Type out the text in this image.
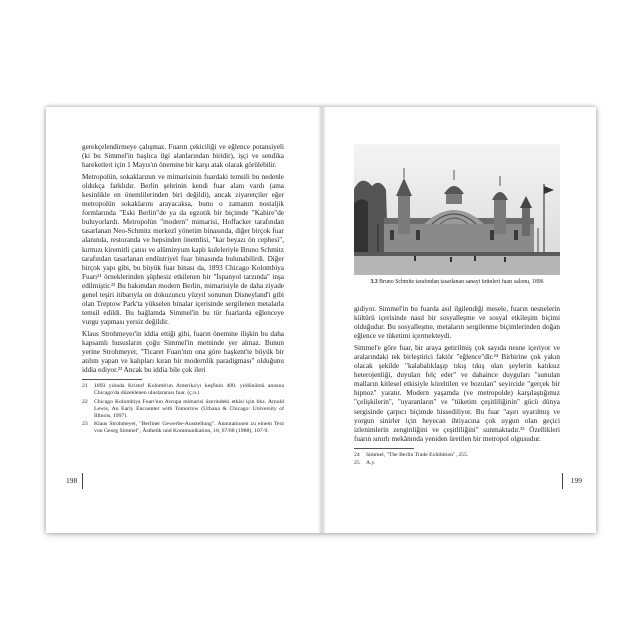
gerekçelendirmeye çalışmaz. Fuarın çekiciliği ve eğlence potansiyeli (ki bu Simmel'in başlıca ilgi alanlarından biridir), işçi ve sendika hareketleri için 1 Mayıs'ın önemine bir karşı atak olarak görülebilir.

Metropolün, sokaklarının ve mimarisinin fuardaki temsili bu nedenle oldukça farklıdır. Berlin şehrinin kendi fuar alanı vardı (ama kesinlikle en önemlilerinden biri değildi), ancak ziyaretçiler eğer metropolün sokaklarını arayacaksa, bunu o zamanın nostaljik formlarında "Eski Berlin"de ya da egzotik bir biçimde "Kahire"de buluyorlardı. Metropolün "modern" mimarisi, Hoffacker tarafından tasarlanan Neo-Schmitz merkezî yönetim binasında, diğer birçok fuar alanında, restoranda ve hepsinden önemlisi, "kar beyazı ön cephesi", kırmızı kiremitli çatısı ve alüminyum kaplı kuleleriyle Bruno Schmitz tarafından tasarlanan endüstriyel fuar binasında bulunabilirdi. Diğer birçok yapı gibi, bu büyük fuar binası da, 1893 Chicago Kolombiya Fuarı²¹ örneklerinden şüphesiz etkilenen bir "İspanyol tarzında" inşa edilmiştir.²² Bu bakımdan modern Berlin, mimarisiyle de daha ziyade genel teşiri itibarıyla on dokuzuncu yüzyıl sonunun Disneyland'i gibi olan Treptow Park'ta yükselen binalar içerisinde sergilenen metalarla temsil edildi. Bu bağlamda Simmel'in bu tür fuarlarda eğlenceye vurgu yapması yersiz değildir.

Klaus Strohmeyer'in iddia ettiği gibi, fuarın önemine ilişkin bu daha kapsamlı hususların çoğu Simmel'in metninde yer almaz. Bunun yerine Strohmeyer, "Ticaret Fuarı'nın ona göre başkent'te büyük bir atılım yapan ve kalıpları kıran bir modernlik paradigması" olduğunu iddia ediyor.²³ Ancak bu iddia bile çok ileri

21	1893 yılında Kristof Kolomb'un Amerika'yı keşfinin 400. yıldönümü anısına Chicago'da düzenlenen uluslararası fuar. (ç.n.)
22	Chicago Kolombiya Fuarı'nın Avrupa mimarisi üzerindeki etkisi için bkz. Arnold Lewis, An Early Encounter with Tomorrow (Urbana & Chicago: University of Illinois, 1997).
23	Klaus Strohmeyer, "Berliner Gewerbe-Ausstellung". Annotationen zu einem Text von Georg Simmel", Ästhetik und Kommunikation, 18, 67/68 (1988), 107-9.
198
3.3 Bruno Schmitz tarafından tasarlanan sanayi ürünleri fuarı salonu, 1896

gidiyor. Simmel'in bu fuarda asıl ilgilendiği mesele, fuarın nesnelerin kültürü içerisinde nasıl bir sosyalleşme ve sosyal etkileşim biçimi olduğudur. Bu sosyalleşme, metaların sergilenme biçimlerinden doğan eğlence ve tüketimi içermekteydi.

Simmel'e göre fuar, bir araya getirilmiş çok sayıda nesne içeriyor ve aralarındaki tek birleştirici faktör "eğlence"dir.²⁴ Birbirine çok yakın olacak şekilde "kalabalıklaşıp tıkış tıkış olan şeylerin katıksız heterojenliği, duyuları felç eder" ve dahaince duyguları "sunulan malların kitlesel etkisiyle köreltilen ve bozulan" seyircide "gerçek bir hipnoz" yaratır. Modern yaşamda (ve metropolde) karşılaştığımız "çelişkilerin", "uyaranların" ve "tüketim çeşitliliğinin" gücü dünya sergisinde çarpıcı biçimde hissediliyor. Bu fuar "aşırı uyarılmış ve yorgun sinirler için heyecan ihtiyacına çok uygun olan geçici izlenimlerin zenginliğini ve çeşitliliğini" sunmaktadır.²⁵ Özellikleri fuarın sınırlı mekânında yeniden üretilen bir metropol olgusudur.

24	Simmel, "The Berlin Trade Exhibition", 255.
25	A.y.
199
